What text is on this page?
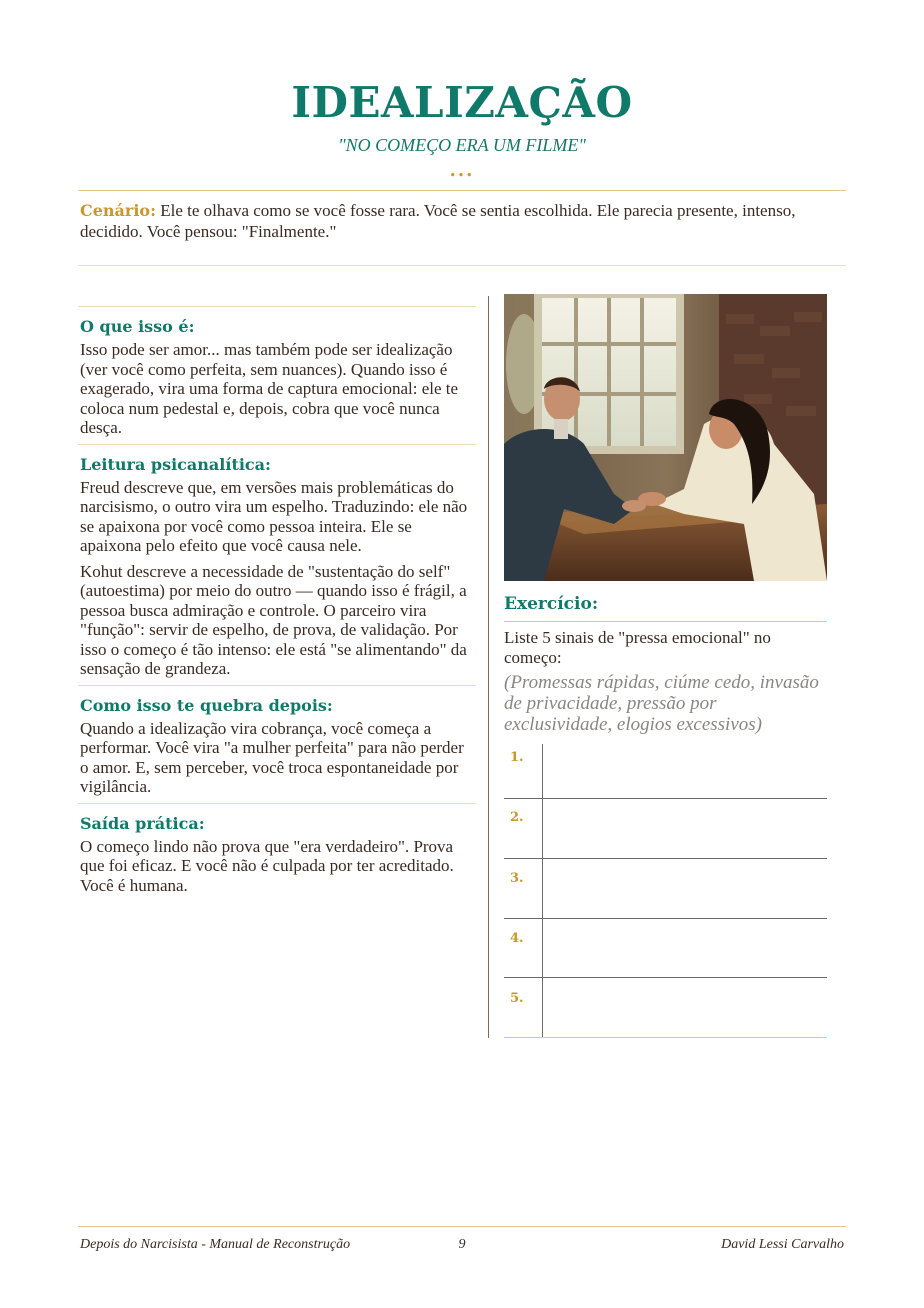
IDEALIZAÇÃO
"NO COMEÇO ERA UM FILME"
...
Cenário: Ele te olhava como se você fosse rara. Você se sentia escolhida. Ele parecia presente, intenso, decidido. Você pensou: "Finalmente."
O que isso é:

Isso pode ser amor... mas também pode ser idealização (ver você como perfeita, sem nuances). Quando isso é exagerado, vira uma forma de captura emocional: ele te coloca num pedestal e, depois, cobra que você nunca desça.

Leitura psicanalítica:

Freud descreve que, em versões mais problemáticas do narcisismo, o outro vira um espelho. Traduzindo: ele não se apaixona por você como pessoa inteira. Ele se apaixona pelo efeito que você causa nele.

Kohut descreve a necessidade de "sustentação do self" (autoestima) por meio do outro — quando isso é frágil, a pessoa busca admiração e controle. O parceiro vira "função": servir de espelho, de prova, de validação. Por isso o começo é tão intenso: ele está "se alimentando" da sensação de grandeza.

Como isso te quebra depois:

Quando a idealização vira cobrança, você começa a performar. Você vira "a mulher perfeita" para não perder o amor. E, sem perceber, você troca espontaneidade por vigilância.

Saída prática:

O começo lindo não prova que "era verdadeiro". Prova que foi eficaz. E você não é culpada por ter acreditado. Você é humana.

Exercício:
Liste 5 sinais de "pressa emocional" no começo:
(Promessas rápidas, ciúme cedo, invasão de privacidade, pressão por exclusividade, elogios excessivos)
1.
2.
3.
4.
5.
Depois do Narcisista - Manual de Reconstrução	9	David Lessi Carvalho
